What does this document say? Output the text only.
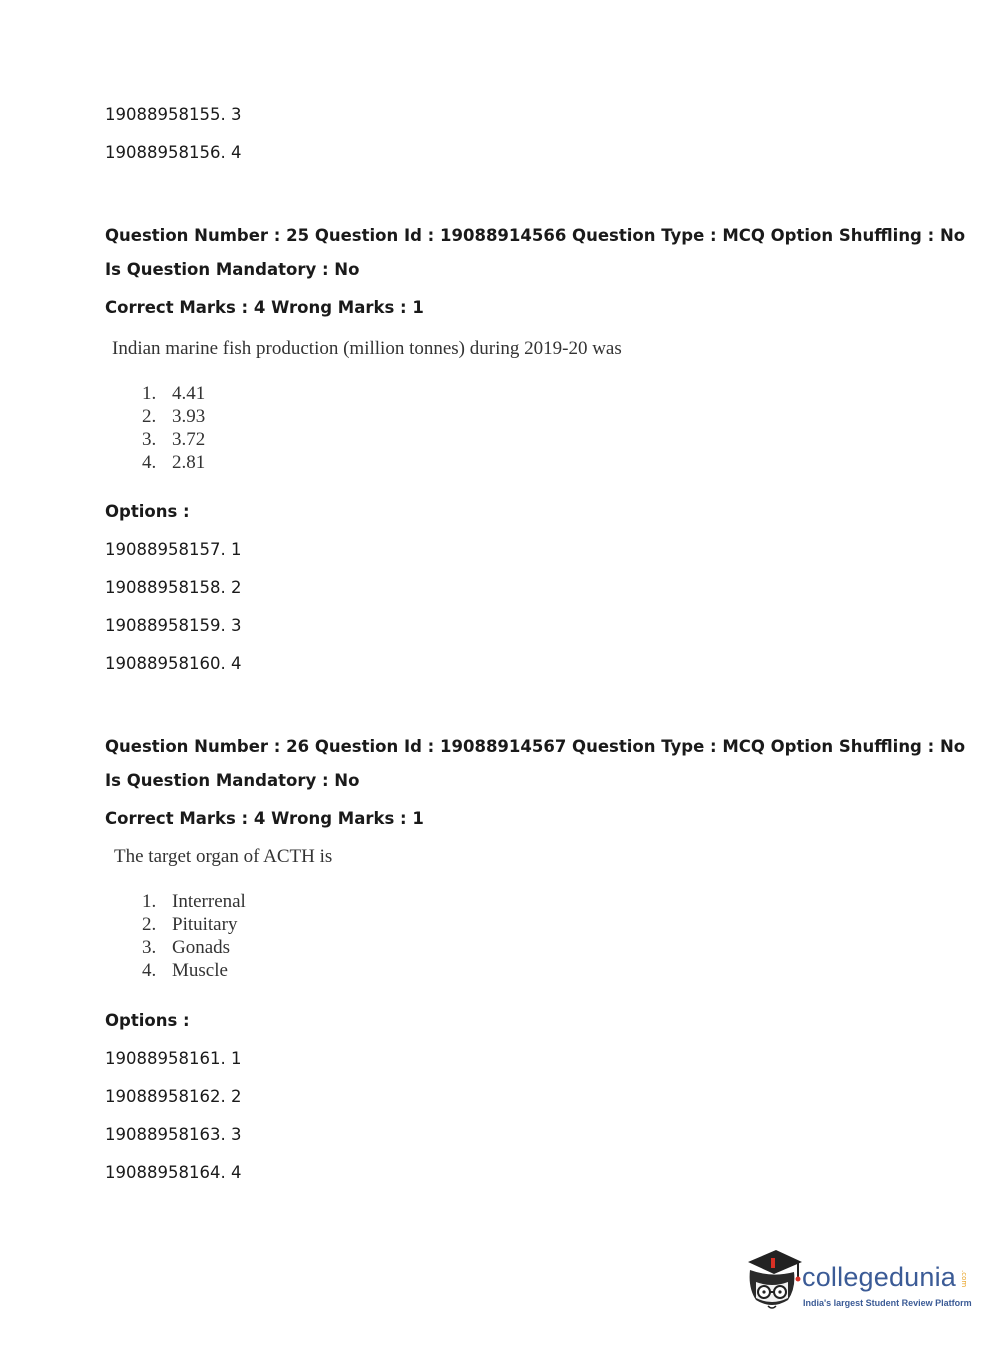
19088958155. 3
19088958156. 4
Question Number : 25 Question Id : 19088914566 Question Type : MCQ Option Shuffling : No
Is Question Mandatory : No
Correct Marks : 4 Wrong Marks : 1
Indian marine fish production (million tonnes) during 2019-20 was
1. 4.41
2. 3.93
3. 3.72
4. 2.81
Options :
19088958157. 1
19088958158. 2
19088958159. 3
19088958160. 4
Question Number : 26 Question Id : 19088914567 Question Type : MCQ Option Shuffling : No
Is Question Mandatory : No
Correct Marks : 4 Wrong Marks : 1
The target organ of ACTH is
1. Interrenal
2. Pituitary
3. Gonads
4. Muscle
Options :
19088958161. 1
19088958162. 2
19088958163. 3
19088958164. 4
collegedunia .com
India's largest Student Review Platform
